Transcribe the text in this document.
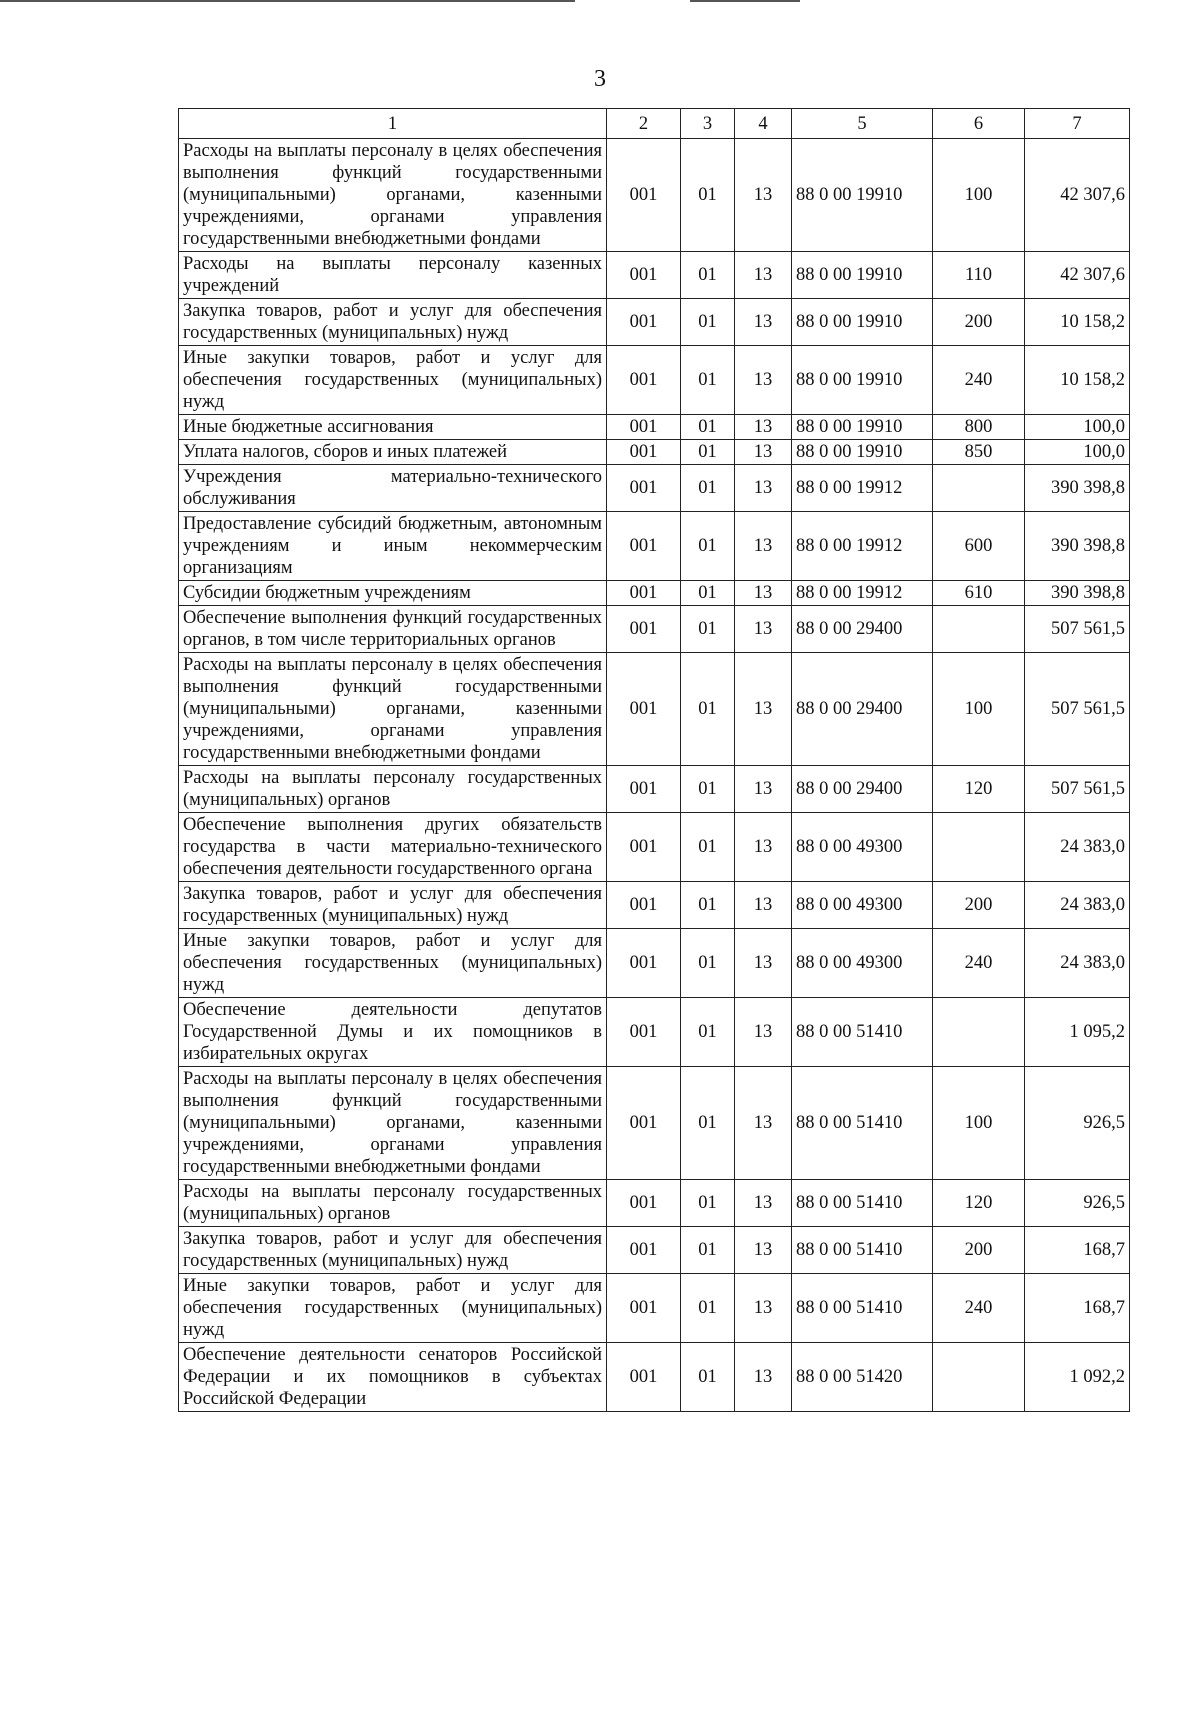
3
1	2	3	4	5	6	7
Расходы на выплаты персоналу в целях обеспечения выполнения функций государственными (муниципальными) органами, казенными учреждениями, органами управления государственными внебюджетными фондами	001	01	13	88 0 00 19910	100	42 307,6
Расходы на выплаты персоналу казенных учреждений	001	01	13	88 0 00 19910	110	42 307,6
Закупка товаров, работ и услуг для обеспечения государственных (муниципальных) нужд	001	01	13	88 0 00 19910	200	10 158,2
Иные закупки товаров, работ и услуг для обеспечения государственных (муниципальных) нужд	001	01	13	88 0 00 19910	240	10 158,2
Иные бюджетные ассигнования	001	01	13	88 0 00 19910	800	100,0
Уплата налогов, сборов и иных платежей	001	01	13	88 0 00 19910	850	100,0
Учреждения материально-технического обслуживания	001	01	13	88 0 00 19912		390 398,8
Предоставление субсидий бюджетным, автономным учреждениям и иным некоммерческим организациям	001	01	13	88 0 00 19912	600	390 398,8
Субсидии бюджетным учреждениям	001	01	13	88 0 00 19912	610	390 398,8
Обеспечение выполнения функций государственных органов, в том числе территориальных органов	001	01	13	88 0 00 29400		507 561,5
Расходы на выплаты персоналу в целях обеспечения выполнения функций государственными (муниципальными) органами, казенными учреждениями, органами управления государственными внебюджетными фондами	001	01	13	88 0 00 29400	100	507 561,5
Расходы на выплаты персоналу государственных (муниципальных) органов	001	01	13	88 0 00 29400	120	507 561,5
Обеспечение выполнения других обязательств государства в части материально-технического обеспечения деятельности государственного органа	001	01	13	88 0 00 49300		24 383,0
Закупка товаров, работ и услуг для обеспечения государственных (муниципальных) нужд	001	01	13	88 0 00 49300	200	24 383,0
Иные закупки товаров, работ и услуг для обеспечения государственных (муниципальных) нужд	001	01	13	88 0 00 49300	240	24 383,0
Обеспечение деятельности депутатов Государственной Думы и их помощников в избирательных округах	001	01	13	88 0 00 51410		1 095,2
Расходы на выплаты персоналу в целях обеспечения выполнения функций государственными (муниципальными) органами, казенными учреждениями, органами управления государственными внебюджетными фондами	001	01	13	88 0 00 51410	100	926,5
Расходы на выплаты персоналу государственных (муниципальных) органов	001	01	13	88 0 00 51410	120	926,5
Закупка товаров, работ и услуг для обеспечения государственных (муниципальных) нужд	001	01	13	88 0 00 51410	200	168,7
Иные закупки товаров, работ и услуг для обеспечения государственных (муниципальных) нужд	001	01	13	88 0 00 51410	240	168,7
Обеспечение деятельности сенаторов Российской Федерации и их помощников в субъектах Российской Федерации	001	01	13	88 0 00 51420		1 092,2
